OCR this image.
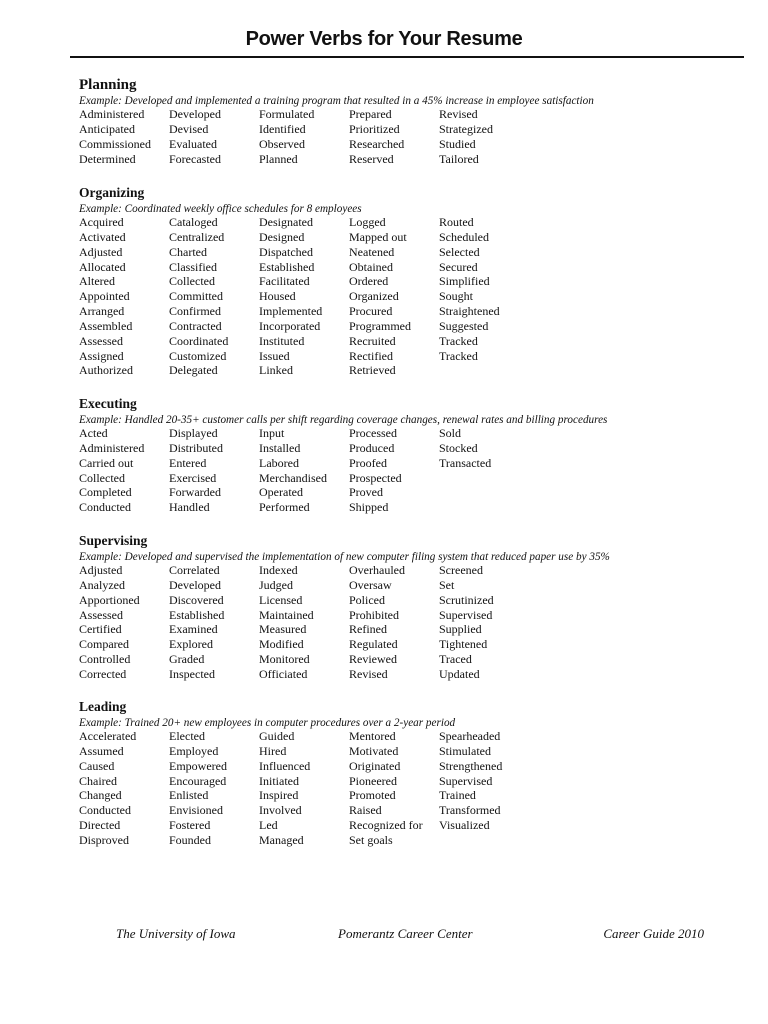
Power Verbs for Your Resume
Planning

Example: Developed and implemented a training program that resulted in a 45% increase in employee satisfaction

Administered	Developed	Formulated	Prepared	Revised
Anticipated	Devised	Identified	Prioritized	Strategized
Commissioned	Evaluated	Observed	Researched	Studied
Determined	Forecasted	Planned	Reserved	Tailored
Organizing

Example: Coordinated weekly office schedules for 8 employees

Acquired	Cataloged	Designated	Logged	Routed
Activated	Centralized	Designed	Mapped out	Scheduled
Adjusted	Charted	Dispatched	Neatened	Selected
Allocated	Classified	Established	Obtained	Secured
Altered	Collected	Facilitated	Ordered	Simplified
Appointed	Committed	Housed	Organized	Sought
Arranged	Confirmed	Implemented	Procured	Straightened
Assembled	Contracted	Incorporated	Programmed	Suggested
Assessed	Coordinated	Instituted	Recruited	Tracked
Assigned	Customized	Issued	Rectified	Tracked
Authorized	Delegated	Linked	Retrieved
Executing

Example: Handled 20-35+ customer calls per shift regarding coverage changes, renewal rates and billing procedures

Acted	Displayed	Input	Processed	Sold
Administered	Distributed	Installed	Produced	Stocked
Carried out	Entered	Labored	Proofed	Transacted
Collected	Exercised	Merchandised	Prospected
Completed	Forwarded	Operated	Proved
Conducted	Handled	Performed	Shipped
Supervising

Example: Developed and supervised the implementation of new computer filing system that reduced paper use by 35%

Adjusted	Correlated	Indexed	Overhauled	Screened
Analyzed	Developed	Judged	Oversaw	Set
Apportioned	Discovered	Licensed	Policed	Scrutinized
Assessed	Established	Maintained	Prohibited	Supervised
Certified	Examined	Measured	Refined	Supplied
Compared	Explored	Modified	Regulated	Tightened
Controlled	Graded	Monitored	Reviewed	Traced
Corrected	Inspected	Officiated	Revised	Updated
Leading

Example: Trained 20+ new employees in computer procedures over a 2-year period

Accelerated	Elected	Guided	Mentored	Spearheaded
Assumed	Employed	Hired	Motivated	Stimulated
Caused	Empowered	Influenced	Originated	Strengthened
Chaired	Encouraged	Initiated	Pioneered	Supervised
Changed	Enlisted	Inspired	Promoted	Trained
Conducted	Envisioned	Involved	Raised	Transformed
Directed	Fostered	Led	Recognized for	Visualized
Disproved	Founded	Managed	Set goals
The University of Iowa	Pomerantz Career Center	Career Guide 2010
